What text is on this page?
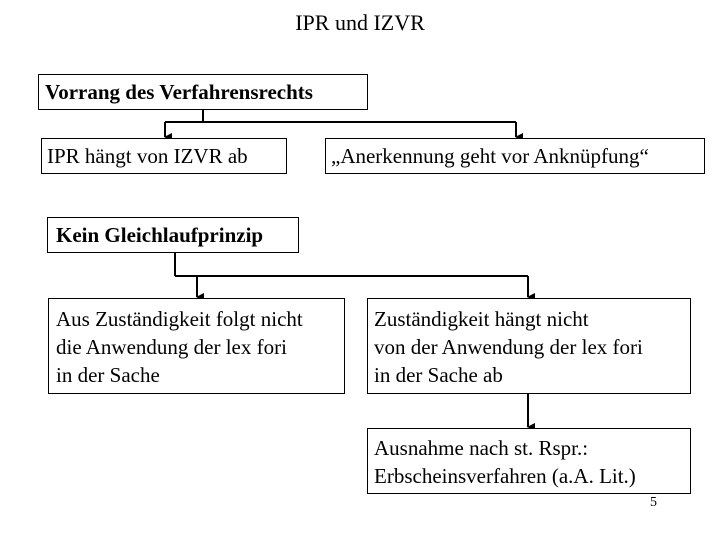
IPR und IZVR
Vorrang des Verfahrensrechts
IPR hängt von IZVR ab	„Anerkennung geht vor Anknüpfung“
Kein Gleichlaufprinzip
Aus Zuständigkeit folgt nicht
die Anwendung der lex fori
in der Sache
Zuständigkeit hängt nicht
von der Anwendung der lex fori
in der Sache ab
Ausnahme nach st. Rspr.:
Erbscheinsverfahren (a.A. Lit.)
5
